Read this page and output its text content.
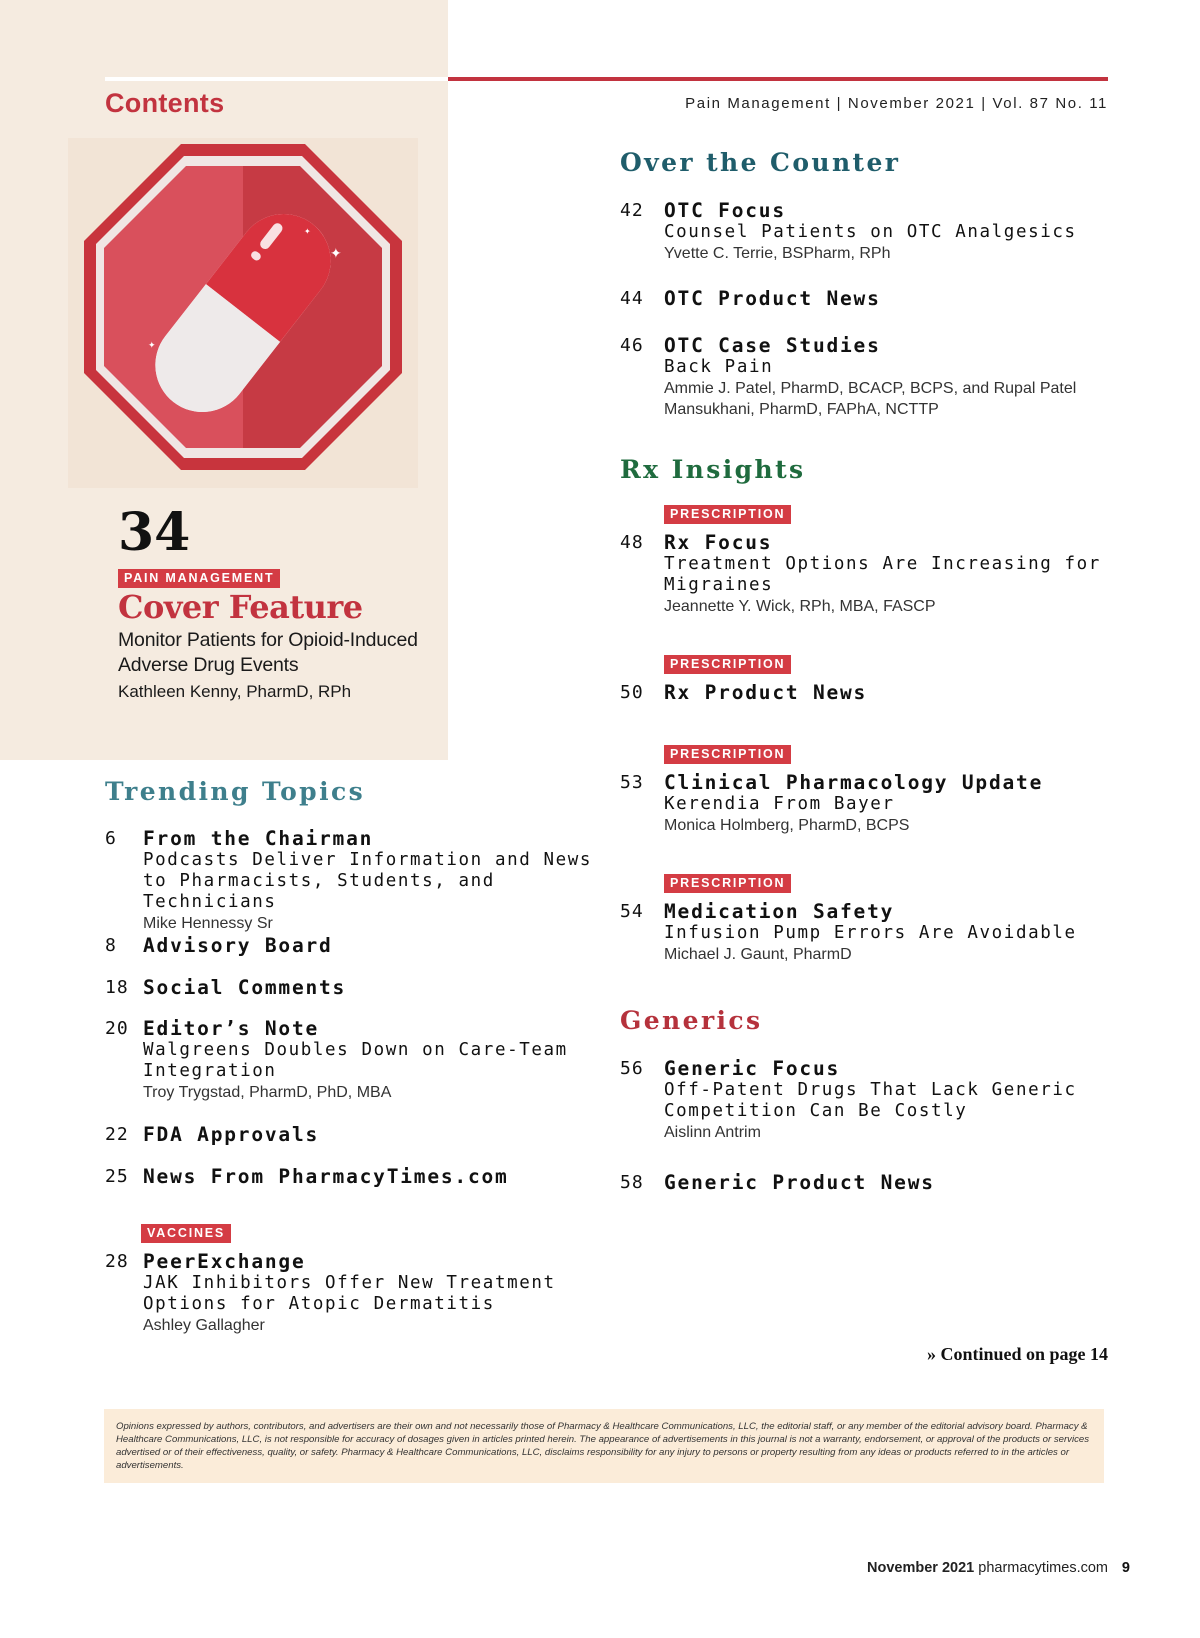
Contents	Pain Management | November 2021 | Vol. 87 No. 11
✦
✦
✦
34
PAIN MANAGEMENT
Cover Feature
Monitor Patients for Opioid-Induced Adverse Drug Events
Kathleen Kenny, PharmD, RPh
Over the Counter
Rx Insights
Generics
Trending Topics
42	OTC Focus
Counsel Patients on OTC Analgesics
Yvette C. Terrie, BSPharm, RPh
44	OTC Product News
46	OTC Case Studies
Back Pain
Ammie J. Patel, PharmD, BCACP, BCPS, and Rupal Patel Mansukhani, PharmD, FAPhA, NCTTP
PRESCRIPTION
48	Rx Focus
Treatment Options Are Increasing for Migraines
Jeannette Y. Wick, RPh, MBA, FASCP
PRESCRIPTION
50	Rx Product News
PRESCRIPTION
53	Clinical Pharmacology Update
Kerendia From Bayer
Monica Holmberg, PharmD, BCPS
PRESCRIPTION
54	Medication Safety
Infusion Pump Errors Are Avoidable
Michael J. Gaunt, PharmD
56	Generic Focus
Off-Patent Drugs That Lack Generic Competition Can Be Costly
Aislinn Antrim
58	Generic Product News
6	From the Chairman
Podcasts Deliver Information and News to Pharmacists, Students, and Technicians
Mike Hennessy Sr
8	Advisory Board
18 Social Comments
20 Editor’s Note
Walgreens Doubles Down on Care-Team Integration
Troy Trygstad, PharmD, PhD, MBA
22 FDA Approvals
25 News From PharmacyTimes.com
VACCINES
28 PeerExchange
JAK Inhibitors Offer New Treatment Options for Atopic Dermatitis
Ashley Gallagher
» Continued on page 14
Opinions expressed by authors, contributors, and advertisers are their own and not necessarily those of Pharmacy & Healthcare Communications, LLC, the editorial staff, or any member of the editorial advisory board. Pharmacy & Healthcare Communications, LLC, is not responsible for accuracy of dosages given in articles printed herein. The appearance of advertisements in this journal is not a warranty, endorsement, or approval of the products or services advertised or of their effectiveness, quality, or safety. Pharmacy & Healthcare Communications, LLC, disclaims responsibility for any injury to persons or property resulting from any ideas or products referred to in the articles or advertisements.
November 2021 pharmacytimes.com 9
